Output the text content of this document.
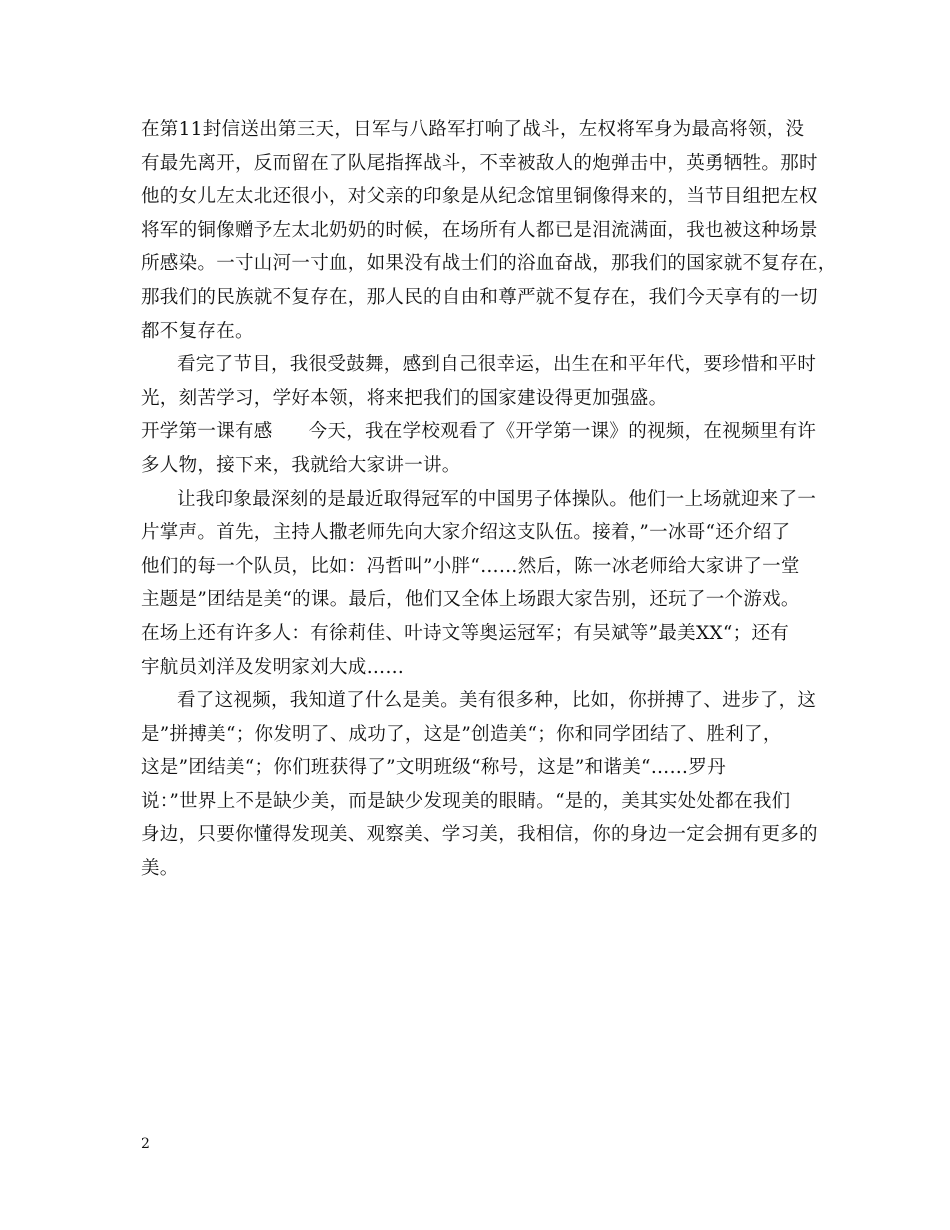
在第11封信送出第三天，日军与八路军打响了战斗，左权将军身为最高将领，没
有最先离开，反而留在了队尾指挥战斗，不幸被敌人的炮弹击中，英勇牺牲。那时
他的女儿左太北还很小，对父亲的印象是从纪念馆里铜像得来的，当节目组把左权
将军的铜像赠予左太北奶奶的时候，在场所有人都已是泪流满面，我也被这种场景
所感染。一寸山河一寸血，如果没有战士们的浴血奋战，那我们的国家就不复存在，
那我们的民族就不复存在，那人民的自由和尊严就不复存在，我们今天享有的一切
都不复存在。
看完了节目，我很受鼓舞，感到自己很幸运，出生在和平年代，要珍惜和平时
光，刻苦学习，学好本领，将来把我们的国家建设得更加强盛。
开学第一课有感 今天，我在学校观看了《开学第一课》的视频，在视频里有许
多人物，接下来，我就给大家讲一讲。
让我印象最深刻的是最近取得冠军的中国男子体操队。他们一上场就迎来了一
片掌声。首先，主持人撒老师先向大家介绍这支队伍。接着，”一冰哥“还介绍了
他们的每一个队员，比如：冯哲叫”小胖“……然后，陈一冰老师给大家讲了一堂
主题是”团结是美“的课。最后，他们又全体上场跟大家告别，还玩了一个游戏。
在场上还有许多人：有徐莉佳、叶诗文等奥运冠军；有吴斌等”最美XX“；还有
宇航员刘洋及发明家刘大成……
看了这视频，我知道了什么是美。美有很多种，比如，你拼搏了、进步了，这
是”拼搏美“；你发明了、成功了，这是”创造美“；你和同学团结了、胜利了，
这是”团结美“；你们班获得了”文明班级“称号，这是”和谐美“……罗丹
说：”世界上不是缺少美，而是缺少发现美的眼睛。“是的，美其实处处都在我们
身边，只要你懂得发现美、观察美、学习美，我相信，你的身边一定会拥有更多的
美。
2
